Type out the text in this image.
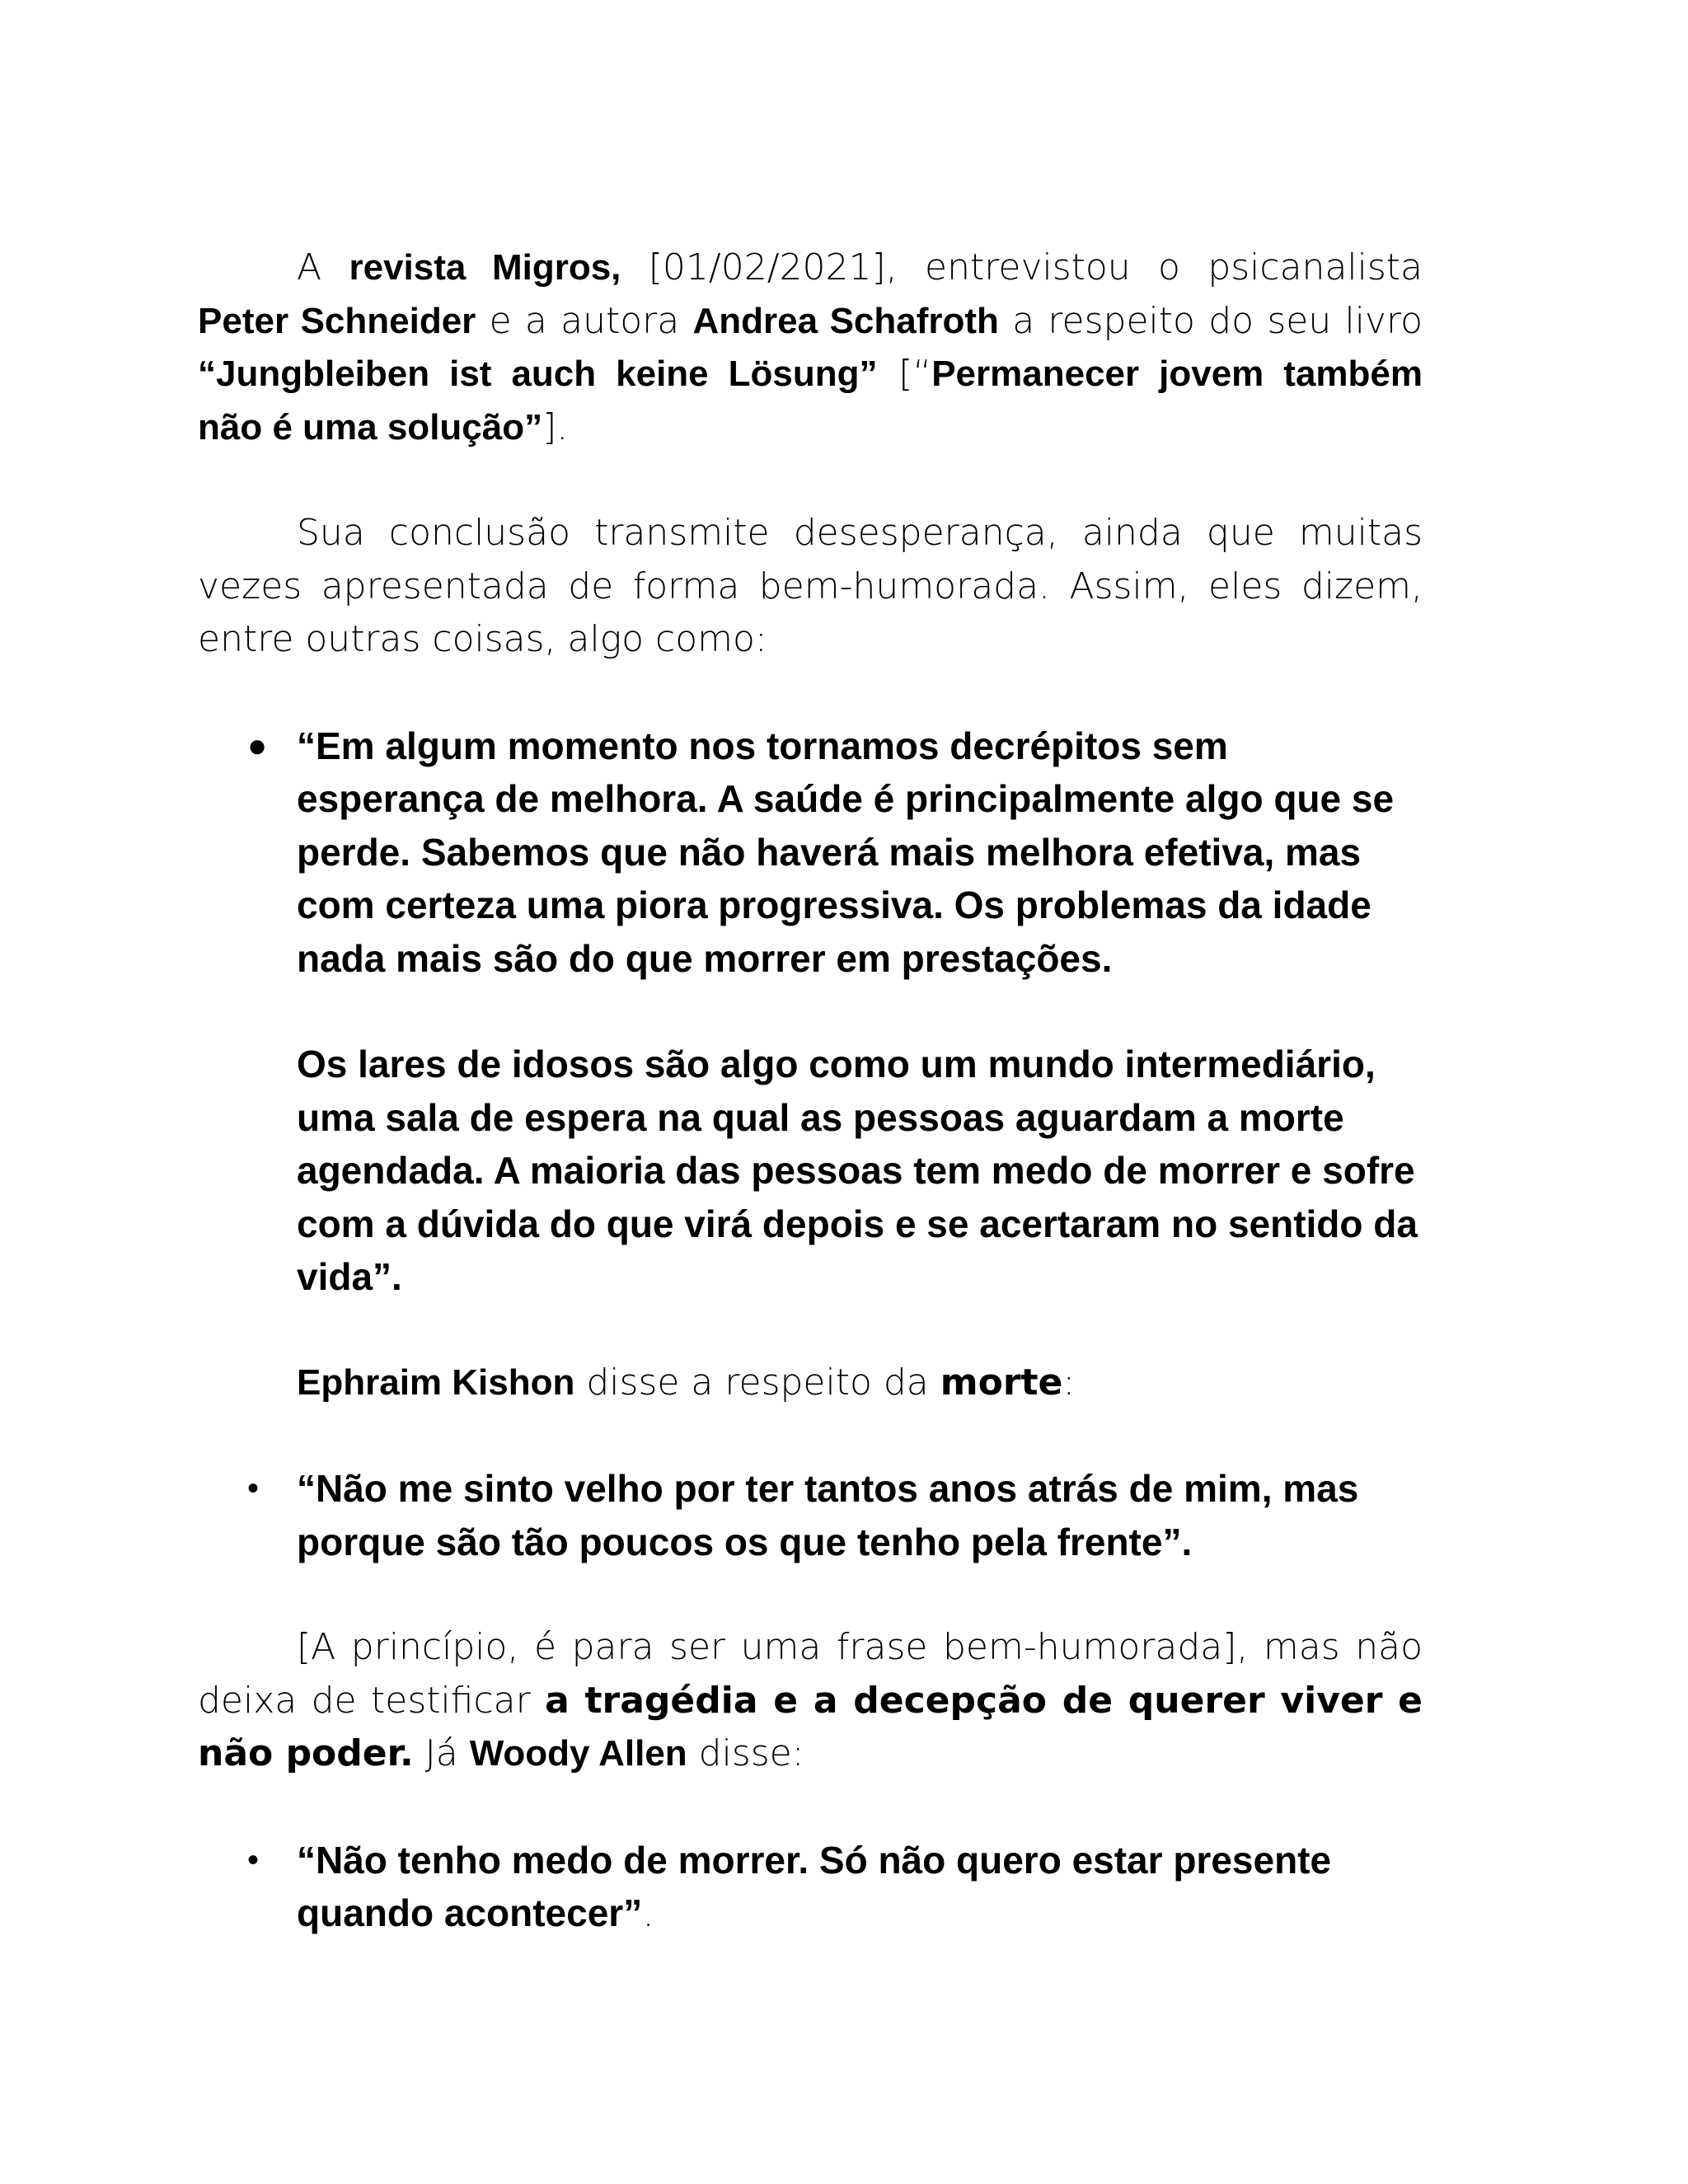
A revista Migros, [01/02/2021], entrevistou o psicanalista Peter Schneider e a autora Andrea Schafroth a respeito do seu livro “Jungbleiben ist auch keine Lösung” [“Permanecer jovem também não é uma solução”].

Sua conclusão transmite desesperança, ainda que muitas vezes apresentada de forma bem-humorada. Assim, eles dizem, entre outras coisas, algo como:

● “Em algum momento nos tornamos decrépitos sem esperança de melhora. A saúde é principalmente algo que se perde. Sabemos que não haverá mais melhora efetiva, mas com certeza uma piora progressiva. Os problemas da idade nada mais são do que morrer em prestações.

Os lares de idosos são algo como um mundo intermediário, uma sala de espera na qual as pessoas aguardam a morte agendada. A maioria das pessoas tem medo de morrer e sofre com a dúvida do que virá depois e se acertaram no sentido da vida”.

Ephraim Kishon disse a respeito da morte:

• “Não me sinto velho por ter tantos anos atrás de mim, mas porque são tão poucos os que tenho pela frente”.

[A princípio, é para ser uma frase bem-humorada], mas não deixa de testificar a tragédia e a decepção de querer viver e não poder. Já Woody Allen disse:

• “Não tenho medo de morrer. Só não quero estar presente quando acontecer”.
